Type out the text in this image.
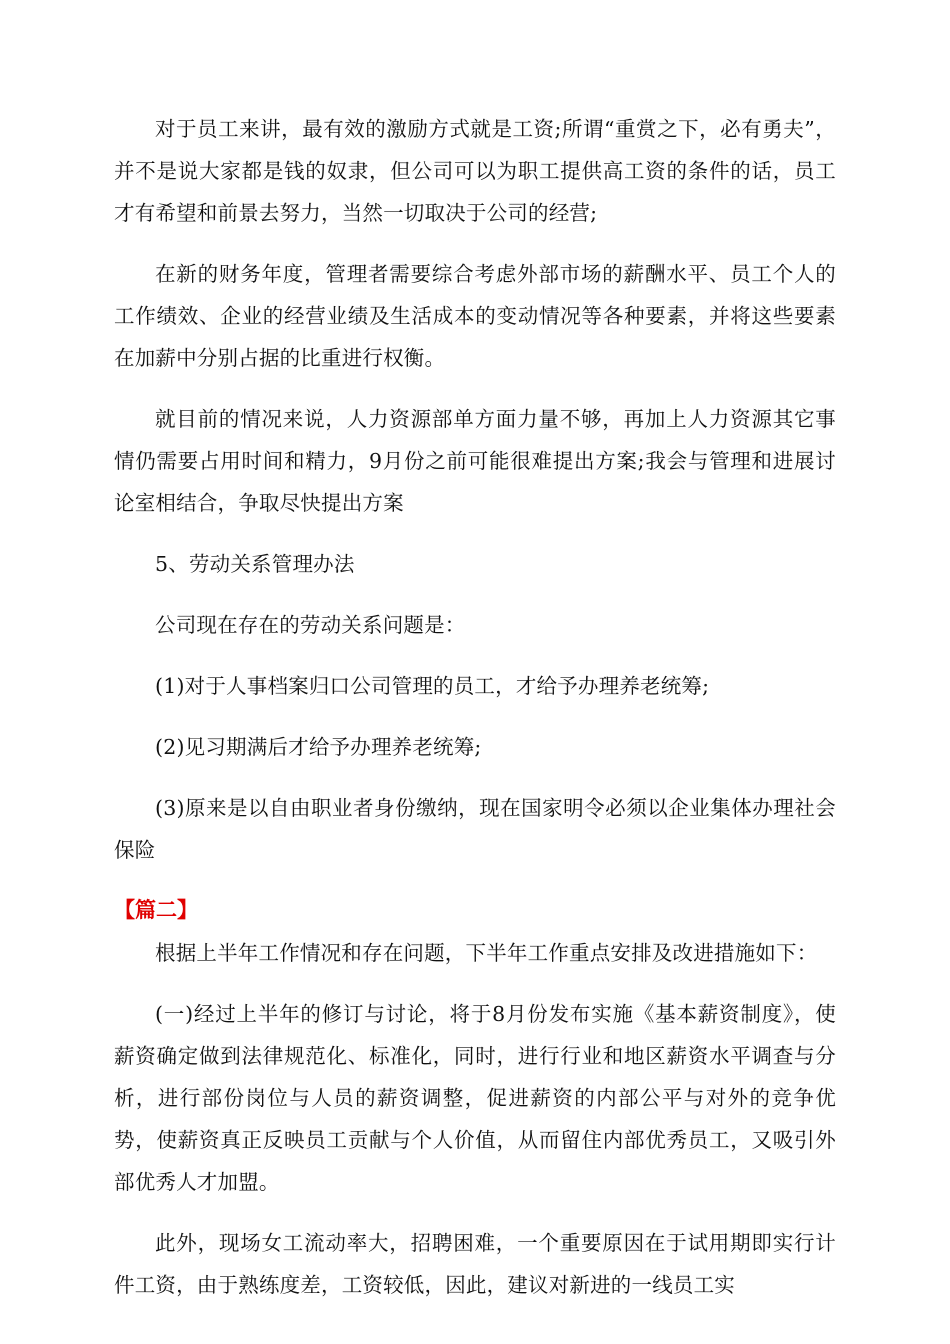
对于员工来讲，最有效的激励方式就是工资;所谓“重赏之下，必有勇夫”，并不是说大家都是钱的奴隶，但公司可以为职工提供高工资的条件的话，员工才有希望和前景去努力，当然一切取决于公司的经营;

在新的财务年度，管理者需要综合考虑外部市场的薪酬水平、员工个人的工作绩效、企业的经营业绩及生活成本的变动情况等各种要素，并将这些要素在加薪中分别占据的比重进行权衡。

就目前的情况来说，人力资源部单方面力量不够，再加上人力资源其它事情仍需要占用时间和精力，9月份之前可能很难提出方案;我会与管理和进展讨论室相结合，争取尽快提出方案

5、劳动关系管理办法

公司现在存在的劳动关系问题是：

(1)对于人事档案归口公司管理的员工，才给予办理养老统筹;

(2)见习期满后才给予办理养老统筹;

(3)原来是以自由职业者身份缴纳，现在国家明令必须以企业集体办理社会保险

【篇二】

根据上半年工作情况和存在问题，下半年工作重点安排及改进措施如下：

(一)经过上半年的修订与讨论，将于8月份发布实施《基本薪资制度》，使薪资确定做到法律规范化、标准化，同时，进行行业和地区薪资水平调查与分析，进行部份岗位与人员的薪资调整，促进薪资的内部公平与对外的竞争优势，使薪资真正反映员工贡献与个人价值，从而留住内部优秀员工，又吸引外部优秀人才加盟。

此外，现场女工流动率大，招聘困难，一个重要原因在于试用期即实行计件工资，由于熟练度差，工资较低，因此，建议对新进的一线员工实
